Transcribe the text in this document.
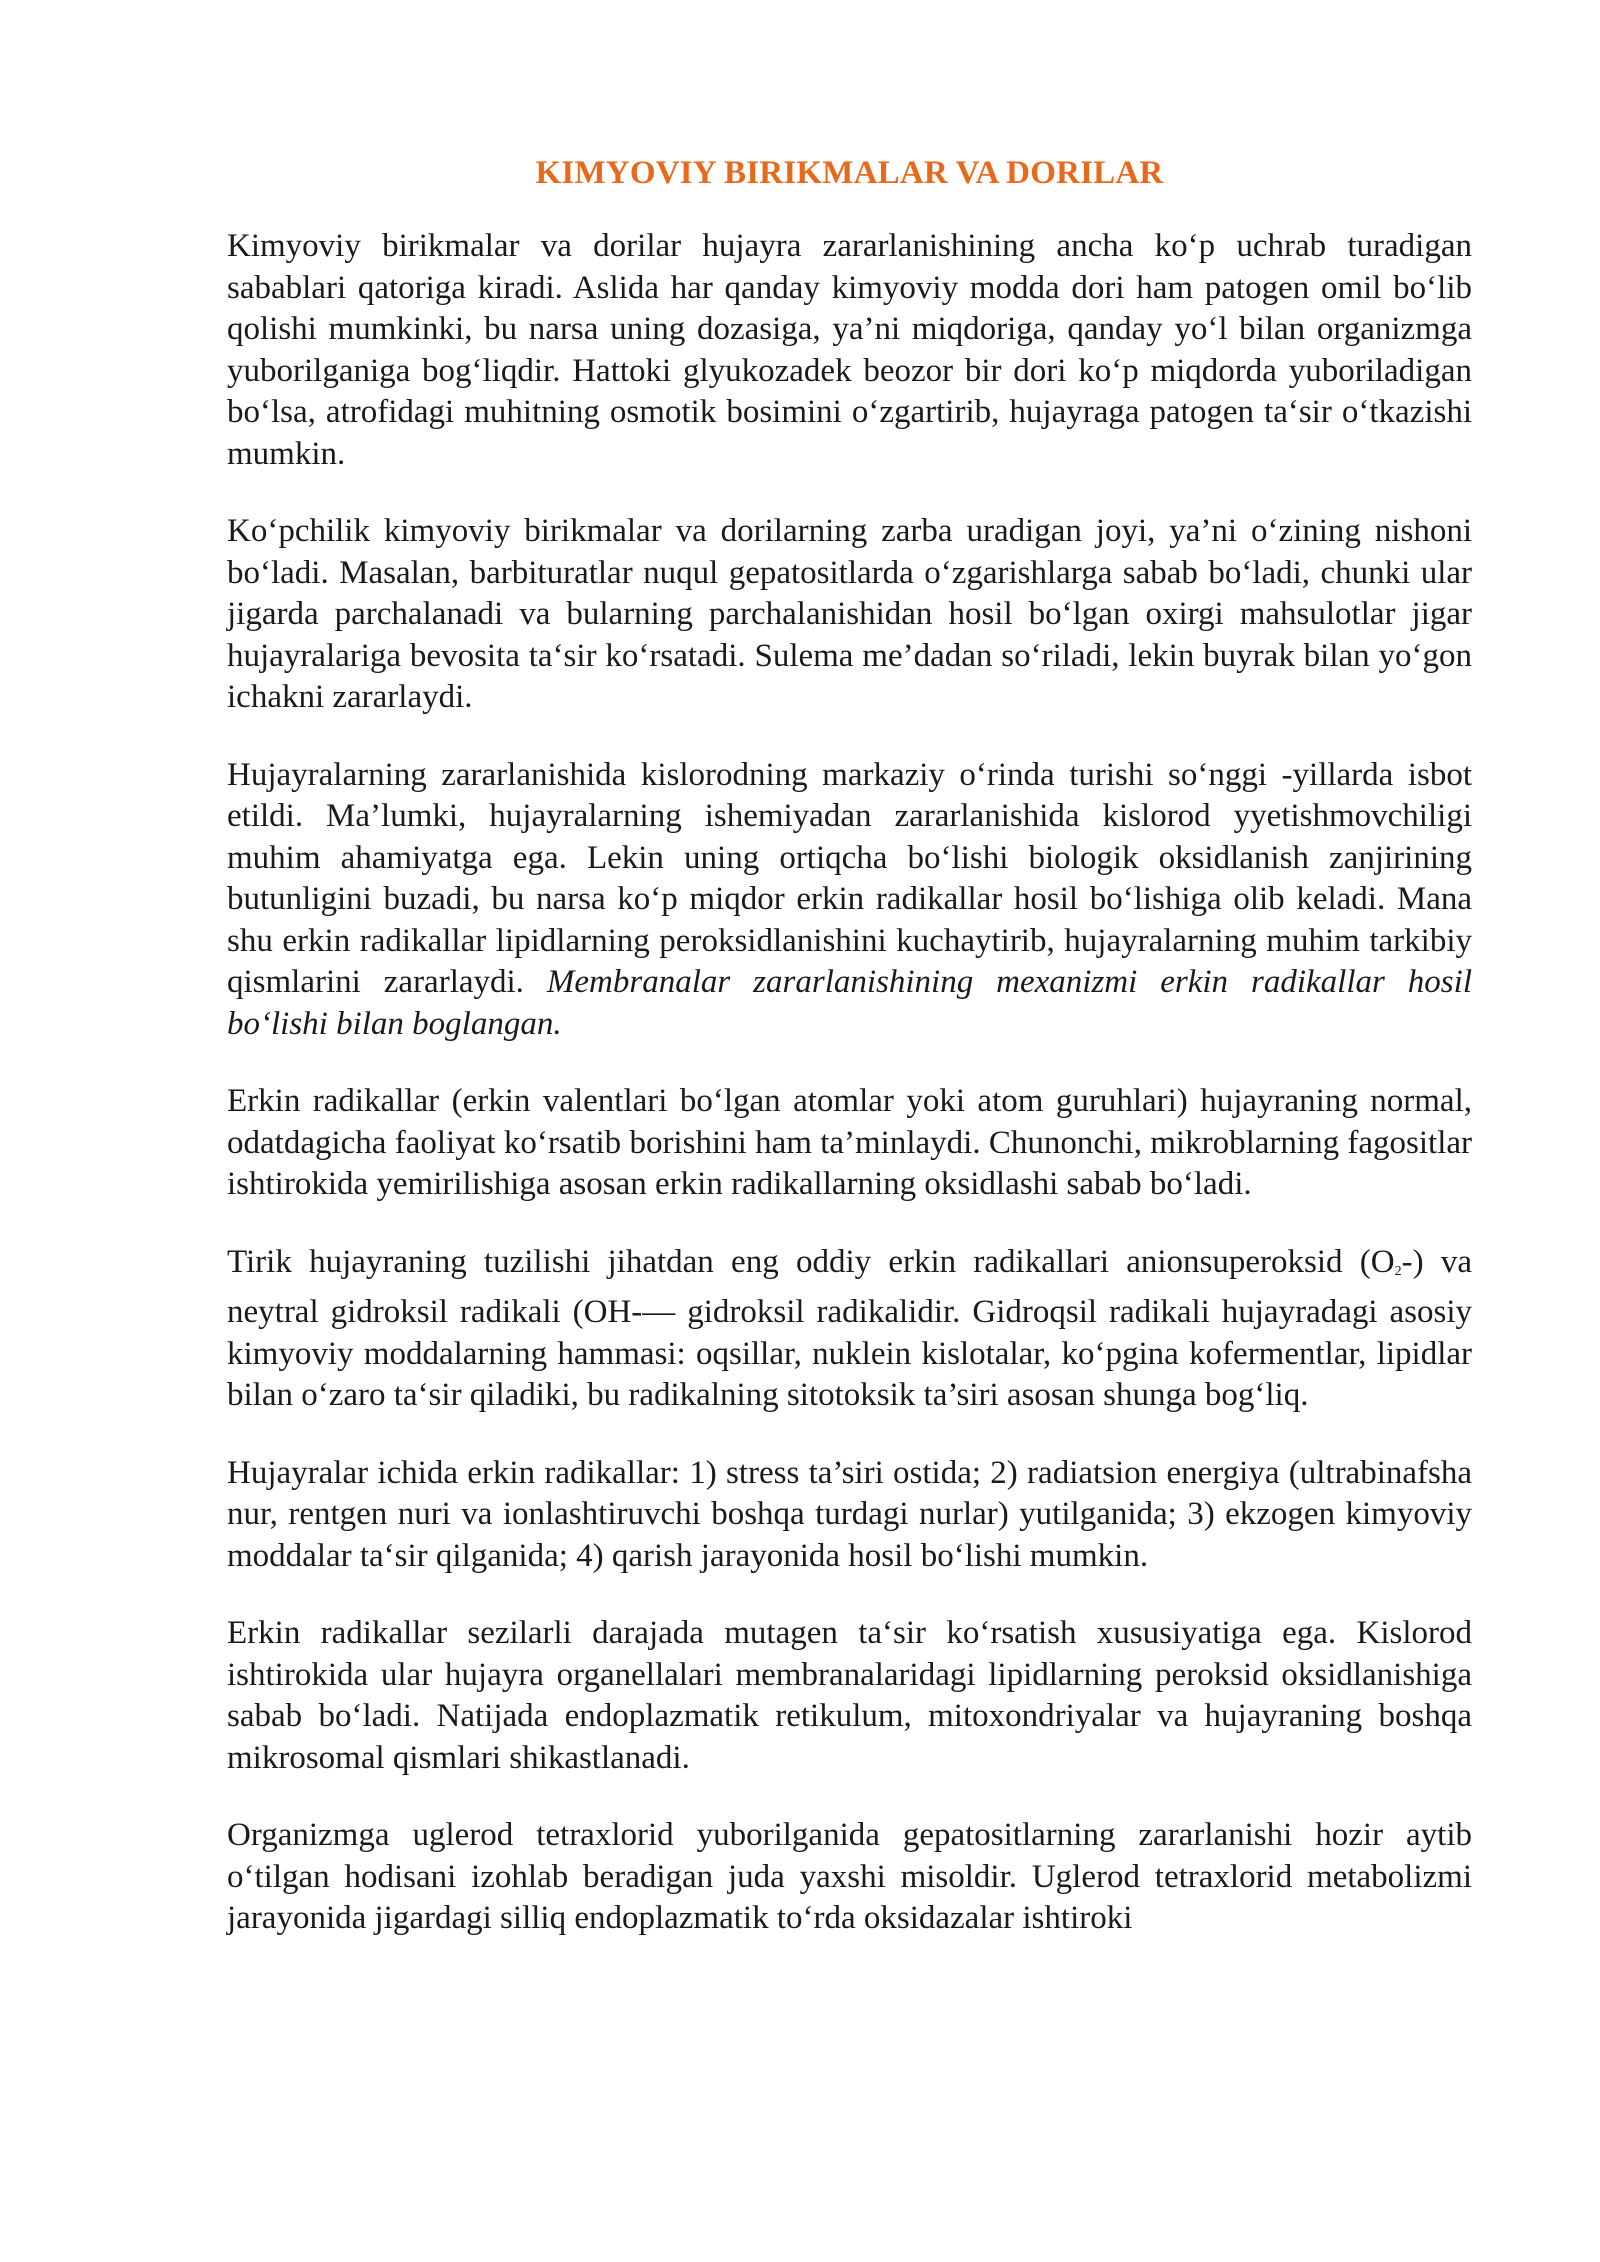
KIMYOVIY BIRIKMALAR VA DORILAR

Kimyoviy birikmalar va dorilar hujayra zararlanishining ancha koʻp uchrab turadigan sabablari qatoriga kiradi. Aslida har qanday kimyoviy modda dori ham patogen omil boʻlib qolishi mumkinki, bu narsa uning dozasiga, ya’ni miqdoriga, qanday yoʻl bilan organizmga yuborilganiga bogʻliqdir. Hattoki glyukozadek beozor bir dori koʻp miqdorda yuboriladigan boʻlsa, atrofidagi muhitning osmotik bosimini oʻzgartirib, hujayraga patogen taʻsir oʻtkazishi mumkin.

Koʻpchilik kimyoviy birikmalar va dorilarning zarba uradigan joyi, ya’ni oʻzining nishoni boʻladi. Masalan, barbituratlar nuqul gepatositlarda oʻzgarishlarga sabab boʻladi, chunki ular jigarda parchalanadi va bularning parchalanishidan hosil boʻlgan oxirgi mahsulotlar jigar hujayralariga bevosita taʻsir koʻrsatadi. Sulema me’dadan soʻriladi, lekin buyrak bilan yoʻgon ichakni zararlaydi.

Hujayralarning zararlanishida kislorodning markaziy oʻrinda turishi soʻnggi -yillarda isbot etildi. Ma’lumki, hujayralarning ishemiyadan zararlanishida kislorod yyetishmovchiligi muhim ahamiyatga ega. Lekin uning ortiqcha boʻlishi biologik oksidlanish zanjirining butunligini buzadi, bu narsa koʻp miqdor erkin radikallar hosil boʻlishiga olib keladi. Mana shu erkin radikallar lipidlarning peroksidlanishini kuchaytirib, hujayralarning muhim tarkibiy qismlarini zararlaydi. Membranalar zararlanishining mexanizmi erkin radikallar hosil boʻlishi bilan boglangan.

Erkin radikallar (erkin valentlari boʻlgan atomlar yoki atom guruhlari) hujayraning normal, odatdagicha faoliyat koʻrsatib borishini ham ta’minlaydi. Chunonchi, mikroblarning fagositlar ishtirokida yemirilishiga asosan erkin radikallarning oksidlashi sabab boʻladi.

Tirik hujayraning tuzilishi jihatdan eng oddiy erkin radikallari anionsuperoksid $(O_2-)$ va neytral gidroksil radikali (OH-— gidroksil radikalidir. Gidroqsil radikali hujayradagi asosiy kimyoviy moddalarning hammasi: oqsillar, nuklein kislotalar, koʻpgina kofermentlar, lipidlar bilan oʻzaro taʻsir qiladiki, bu radikalning sitotoksik ta’siri asosan shunga bogʻliq.

Hujayralar ichida erkin radikallar: 1) stress ta’siri ostida; 2) radiatsion energiya (ultrabinafsha nur, rentgen nuri va ionlashtiruvchi boshqa turdagi nurlar) yutilganida; 3) ekzogen kimyoviy moddalar taʻsir qilganida; 4) qarish jarayonida hosil boʻlishi mumkin.

Erkin radikallar sezilarli darajada mutagen taʻsir koʻrsatish xususiyatiga ega. Kislorod ishtirokida ular hujayra organellalari membranalaridagi lipidlarning peroksid oksidlanishiga sabab boʻladi. Natijada endoplazmatik retikulum, mitoxondriyalar va hujayraning boshqa mikrosomal qismlari shikastlanadi.

Organizmga uglerod tetraxlorid yuborilganida gepatositlarning zararlanishi hozir aytib oʻtilgan hodisani izohlab beradigan juda yaxshi misoldir. Uglerod tetraxlorid metabolizmi jarayonida jigardagi silliq endoplazmatik toʻrda oksidazalar ishtiroki
